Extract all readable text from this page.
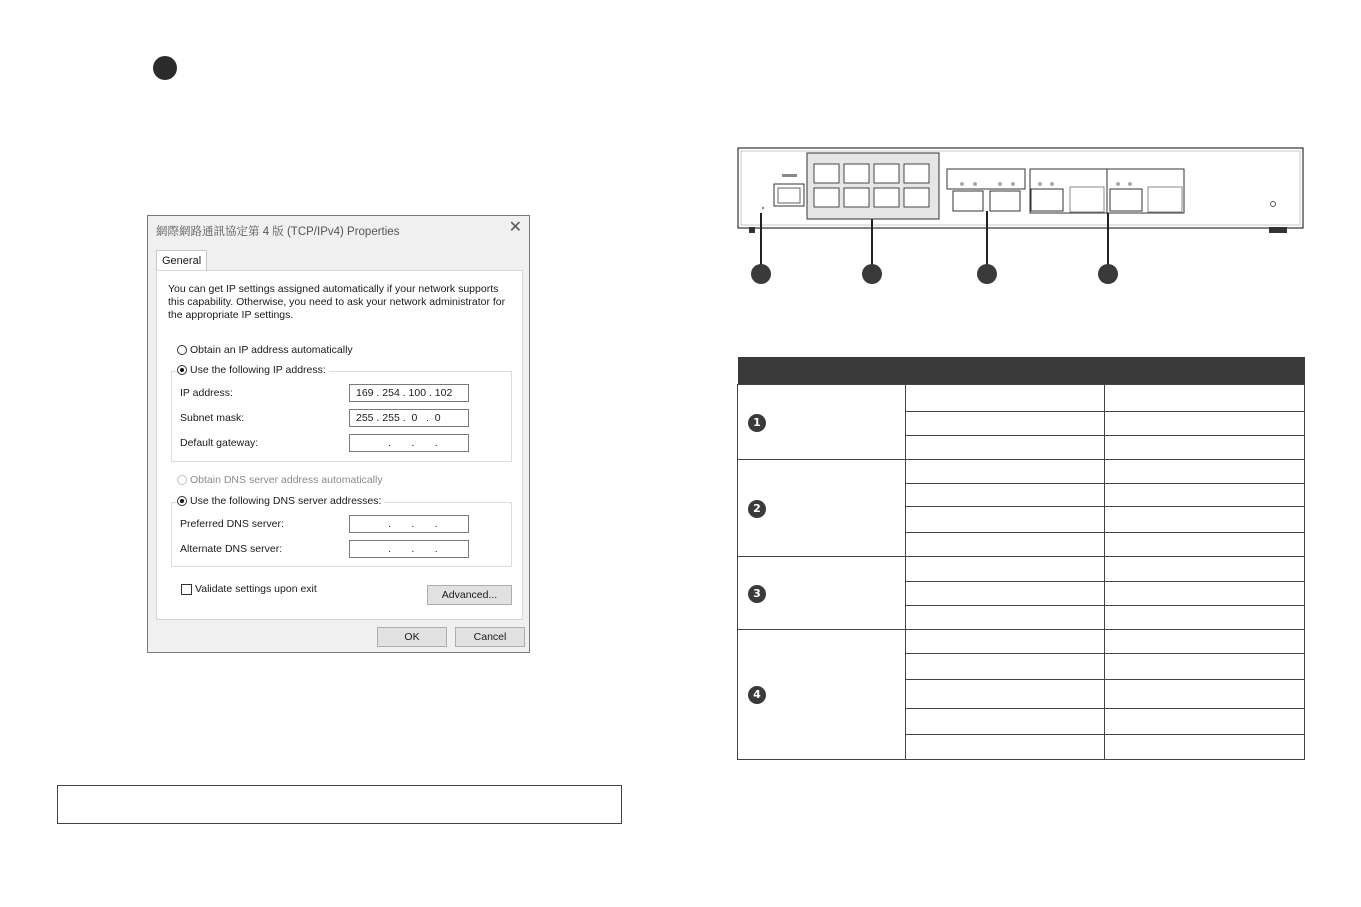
網際網路通訊協定第 4 版 (TCP/IPv4) Properties	✕
General
You can get IP settings assigned automatically if your network supports this capability. Otherwise, you need to ask your network administrator for the appropriate IP settings.
Obtain an IP address automatically
Use the following IP address:
IP address:	169 . 254 . 100 . 102
Subnet mask:	255 . 255 .  0   .  0
Default gateway:	.       .       .
Obtain DNS server address automatically
Use the following DNS server addresses:
Preferred DNS server:	.       .       .
Alternate DNS server:	.       .       .
Validate settings upon exit	Advanced...
OK	Cancel

1		

2		

3		

4		
